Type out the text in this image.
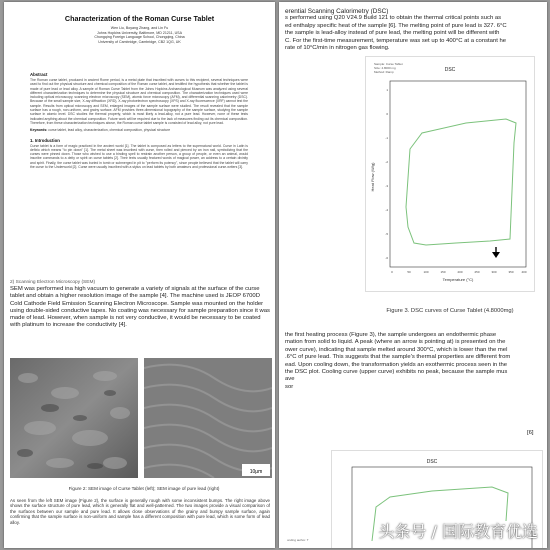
Characterization of the Roman Curse Tablet
Wen Liu, Boyang Zhang, and Lin Fu
Johns Hopkins University, Baltimore, MD 21211, USA
Chongqing Foreign Language School, Chongqing, China
University of Cambridge, Cambridge, CB2 1QG, UK
Abstract
The Roman curse tablet, produced in ancient Rome period, is a metal plate that inscribed with curses to this recipient, several techniques were used to find out the physical structure and chemical composition of the Roman curse tablet, and testified the hypothesis that whether the tablet is made of pure lead or lead alloy. A sample of Roman Curse Tablet from the Johns Hopkins Archaeological Museum was analyzed using several different characterization techniques to determine the physical structure and chemical composition. The characterization techniques used were including optical microscopy, scanning electron microscopy (SEM), atomic force microscopy (AFM), and differential scanning calorimetry (DSC). Because of the small sample size, X-ray diffraction (XRD), X-ray photoelectron spectroscopy (XPS) and X-ray fluorescence (XRF) cannot test the sample. Results from optical microscopy and SEM, enlarged images of the sample surface were studied. The result revealed that the sample surface has a rough, non-uniform, and grainy surface. AFM provides three-dimensional topography of the sample surface, studying the sample surface in atomic level. DSC studies the thermal property, which is most likely a lead-alloy, not a pure lead. However, none of these tests indicated anything about the chemical composition. Future work will be required due to the lack of measures finding out its chemical composition. Therefore, from these characterization techniques above, the Roman curse tablet sample is consisted of lead alloy, not pure lead.
Keywords: curse tablet, lead alloy, characterization, chemical composition, physical structure
1. Introduction
Curse tablet is a form of magic practiced in the ancient world [1]. The tablet is composed as letters to the supernatural world. Curse in Latin is defixio which means "to pin down" [1]. The metal sheet was inscribed with curse, then rolled and pierced by an iron nail, symbolizing that the curses were pinned down. Those who wished to use a binding spell to restrain another person, a group of people, or even an animal, would inscribe commands to a deity or spirit on curse tablets [2]. Their texts usually featured words of magical power, an address to a certain divinity and spirit. Finally, the curse tablet was buried in tomb or submerged in pit to "perform its potency", since people believed that the tablet will carry the curse to the Underworld [2]. Curse were usually inscribed with a stylus on lead tablets by both amateurs and professional curse-writers [3].
2) Scanning Electron Microscopy (SEM)
SEM was performed ina high vacuum to generate a variety of signals at the surface of the curse tablet and obtain a higher resolution image of the sample [4]. The machine used is JEOP 6700D Cold Cathode Field Emission Scanning Electron Microscope. Sample was mounted on the holder using double-sided conductive tapes. No coating was necessary for sample preparation since it was made of lead. However, when sample is not very conductive, it would be necessary to be coated with platinum to increase the conductivity [4].
10μm
Figure 2: SEM image of Curse Tablet (left); SEM image of pure lead (right)
As seen from the left SEM image (Figure 2), the surface is generally rough with some inconsistent bumps. The right image above shows the surface structure of pure lead, which is generally flat and well-patterned. The two images provide a visual comparison of the surfaces between our sample and pure lead. It allows close observations of the grainy and bumpy sample surface, again confirming that the sample surface is non-uniform and sample has a different composition with pure lead, which is some form of lead alloy.
erential Scanning Calorimetry (DSC)
s performed using Q20 V24.9 Build 121 to obtain the thermal critical points such as
ed enthalpy specific heat of the sample [6]. The melting point of pure lead is 327. 6°C
the sample is lead-alloy instead of pure lead, the melting point will be different with
C. For the first-time measurement, temperature was set up to 400°C at a constant he
rate of 10°C/min in nitrogen gas flowing.
DSC
Sample: Curse Tablet
Size: 4.8000 mg
Method: Ramp
Heat Flow (W/g)
1
0
-1
-2
-3
-4
-5
-6
0	50	100	150	200	250	300	350	400
Temperature (°C)
Figure 3. DSC curves of Curse Tablet (4.8000mg)
the first heating process (Figure 3), the sample undergoes an endothermic phase
mation from solid to liquid. A peak (where an arrow is pointing at) is presented on the
ower curve), indicating that sample melted around 300°C, which is lower than the mel
.6°C of pure lead. This suggests that the sample's thermal properties are different from
ead. Upon cooling down, the transformation yields an exothermic process seen in the
the DSC plot. Cooling curve (upper curve) exhibits no peak, because the sample mus
ave
sor
[6]
DSC
onding author. T	头条号 / 国际教育优选
